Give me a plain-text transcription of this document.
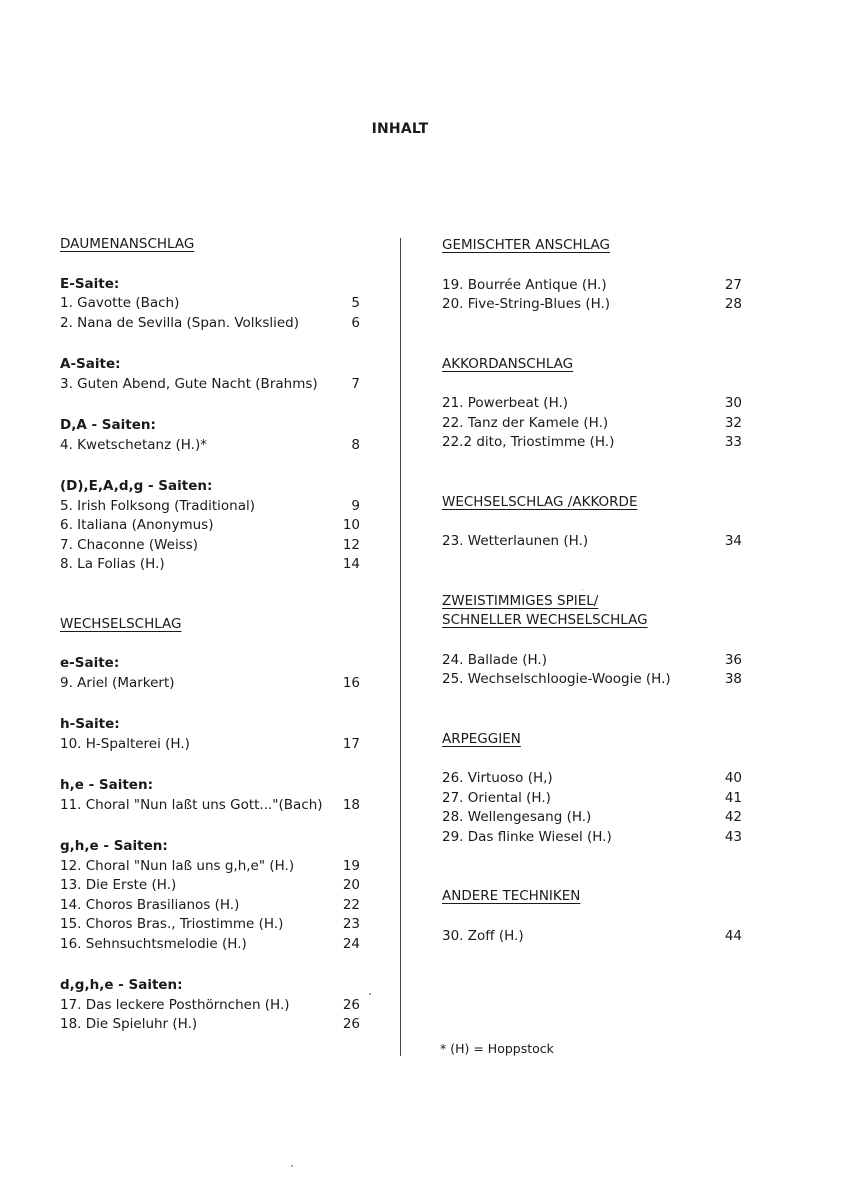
INHALT
DAUMENANSCHLAG
E-Saite:
1. Gavotte (Bach)	5
2. Nana de Sevilla (Span. Volkslied)	6
A-Saite:
3. Guten Abend, Gute Nacht (Brahms)	7
D,A - Saiten:
4. Kwetschetanz (H.)*	8
(D),E,A,d,g - Saiten:
5. Irish Folksong (Traditional)	9
6. Italiana (Anonymus)	10
7. Chaconne (Weiss)	12
8. La Folias (H.)	14
WECHSELSCHLAG
e-Saite:
9. Ariel (Markert)	16
h-Saite:
10. H-Spalterei (H.)	17
h,e - Saiten:
11. Choral "Nun laßt uns Gott..."(Bach)	18
g,h,e - Saiten:
12. Choral "Nun laß uns g,h,e" (H.)	19
13. Die Erste (H.)	20
14. Choros Brasilianos (H.)	22
15. Choros Bras., Triostimme (H.)	23
16. Sehnsuchtsmelodie (H.)	24
d,g,h,e - Saiten:
17. Das leckere Posthörnchen (H.)	26
18. Die Spieluhr (H.)	26
GEMISCHTER ANSCHLAG
19. Bourrée Antique (H.)	27
20. Five-String-Blues (H.)	28
AKKORDANSCHLAG
21. Powerbeat (H.)	30
22. Tanz der Kamele (H.)	32
22.2 dito, Triostimme (H.)	33
WECHSELSCHLAG /AKKORDE
23. Wetterlaunen (H.)	34
ZWEISTIMMIGES SPIEL/
SCHNELLER WECHSELSCHLAG
24. Ballade (H.)	36
25. Wechselschloogie-Woogie (H.)	38
ARPEGGIEN
26. Virtuoso (H,)	40
27. Oriental (H.)	41
28. Wellengesang (H.)	42
29. Das flinke Wiesel (H.)	43
ANDERE TECHNIKEN
30. Zoff (H.)	44
* (H) = Hoppstock
